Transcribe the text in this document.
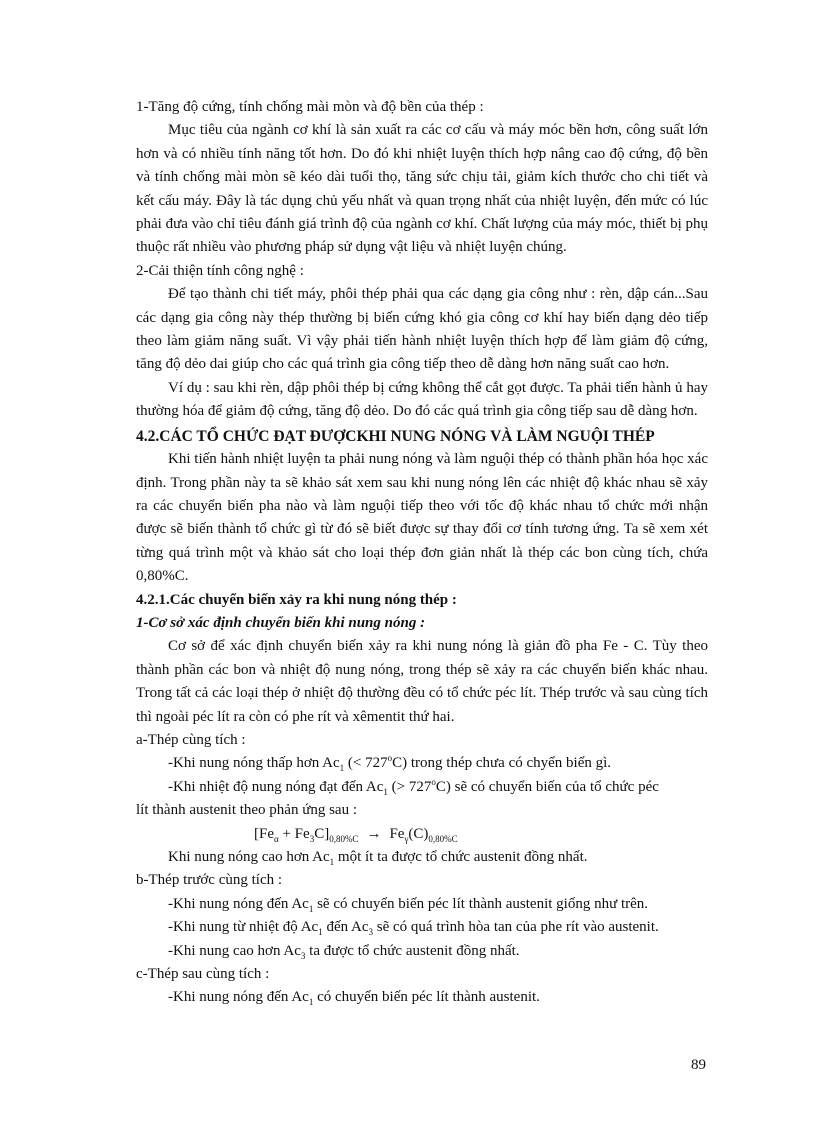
1-Tăng độ cứng, tính chống mài mòn và độ bền của thép :

Mục tiêu của ngành cơ khí là sản xuất ra các cơ cấu và máy móc bền hơn, công suất lớn hơn và có nhiều tính năng tốt hơn. Do đó khi nhiệt luyện thích hợp nâng cao độ cứng, độ bền và tính chống mài mòn sẽ kéo dài tuổi thọ, tăng sức chịu tải, giảm kích thước cho chi tiết và kết cấu máy. Đây là tác dụng chủ yếu nhất và quan trọng nhất của nhiệt luyện, đến mức có lúc phải đưa vào chỉ tiêu đánh giá trình độ của ngành cơ khí. Chất lượng của máy móc, thiết bị phụ thuộc rất nhiều vào phương pháp sử dụng vật liệu và nhiệt luyện chúng.

2-Cải thiện tính công nghệ :

Để tạo thành chi tiết máy, phôi thép phải qua các dạng gia công như : rèn, dập cán...Sau các dạng gia công này thép thường bị biến cứng khó gia công cơ khí hay biến dạng dẻo tiếp theo làm giảm năng suất. Vì vậy phải tiến hành nhiệt luyện thích hợp để làm giảm độ cứng, tăng độ dẻo dai giúp cho các quá trình gia công tiếp theo dễ dàng hơn năng suất cao hơn.

Ví dụ : sau khi rèn, dập phôi thép bị cứng không thể cắt gọt được. Ta phải tiến hành ủ hay thường hóa để giảm độ cứng, tăng độ dẻo. Do đó các quá trình gia công tiếp sau dễ dàng hơn.

4.2.CÁC TỔ CHỨC ĐẠT ĐƯỢCKHI NUNG NÓNG VÀ LÀM NGUỘI THÉP

Khi tiến hành nhiệt luyện ta phải nung nóng và làm nguội thép có thành phần hóa học xác định. Trong phần này ta sẽ khảo sát xem sau khi nung nóng lên các nhiệt độ khác nhau sẽ xảy ra các chuyển biến pha nào và làm nguội tiếp theo với tốc độ khác nhau tổ chức mới nhận được sẽ biến thành tổ chức gì từ đó sẽ biết được sự thay đổi cơ tính tương ứng. Ta sẽ xem xét từng quá trình một và khảo sát cho loại thép đơn giản nhất là thép các bon cùng tích, chứa 0,80%C.

4.2.1.Các chuyển biến xảy ra khi nung nóng thép :

1-Cơ sở xác định chuyển biến khi nung nóng :

Cơ sở để xác định chuyển biến xảy ra khi nung nóng là giản đồ pha Fe - C. Tùy theo thành phần các bon và nhiệt độ nung nóng, trong thép sẽ xảy ra các chuyển biến khác nhau. Trong tất cả các loại thép ở nhiệt độ thường đều có tổ chức péc lít. Thép trước và sau cùng tích thì ngoài péc lít ra còn có phe rít và xêmentit thứ hai.

a-Thép cùng tích :

-Khi nung nóng thấp hơn $Ac_1$ (< $727^oC$) trong thép chưa có chyển biến gì.

-Khi nhiệt độ nung nóng đạt đến $Ac_1$ (> $727^oC$) sẽ có chuyển biến của tổ chức péc

lít thành austenit theo phản ứng sau :

$[Fe_\alpha + Fe_3C]_{0,80\%C} \to Fe_\gamma(C)_{0,80\%C}$

Khi nung nóng cao hơn $Ac_1$ một ít ta được tổ chức austenit đồng nhất.

b-Thép trước cùng tích :

-Khi nung nóng đến $Ac_1$ sẽ có chuyển biến péc lít thành austenit giống như trên.

-Khi nung từ nhiệt độ $Ac_1$ đến $Ac_3$ sẽ có quá trình hòa tan của phe rít vào austenit.

-Khi nung cao hơn $Ac_3$ ta được tổ chức austenit đồng nhất.

c-Thép sau cùng tích :

-Khi nung nóng đến $Ac_1$ có chuyển biến péc lít thành austenit.

89
